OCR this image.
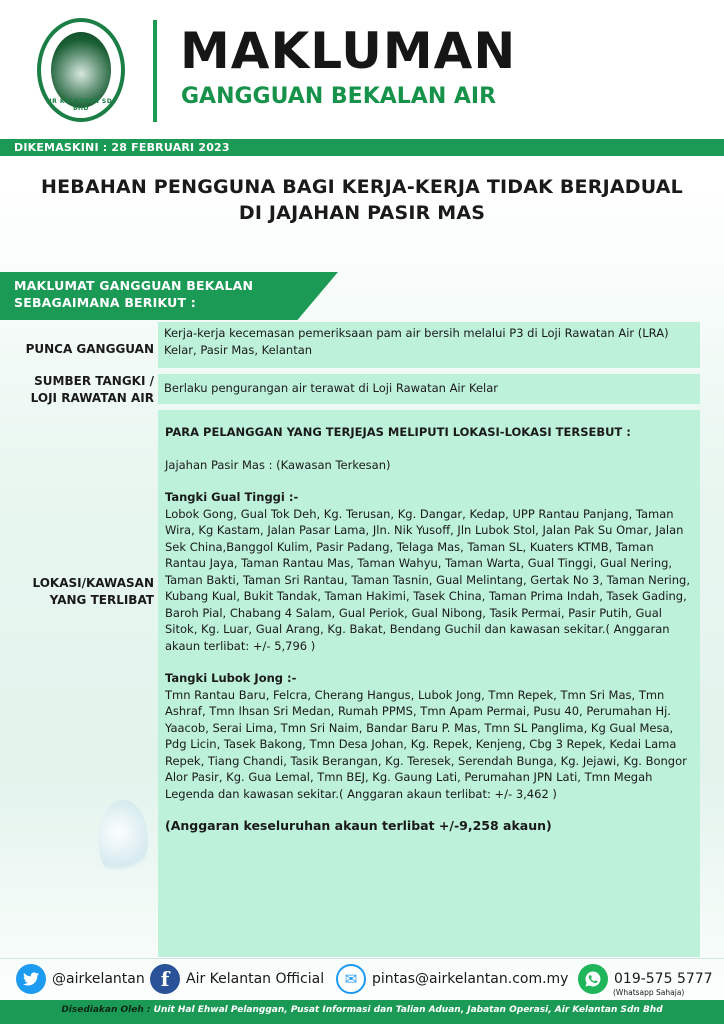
AIR KELANTAN SDN BHD
MAKLUMAN
GANGGUAN BEKALAN AIR
DIKEMASKINI : 28 FEBRUARI 2023
HEBAHAN PENGGUNA BAGI KERJA-KERJA TIDAK BERJADUAL
DI JAJAHAN PASIR MAS
MAKLUMAT GANGGUAN BEKALAN
SEBAGAIMANA BERIKUT :
PUNCA GANGGUAN
Kerja-kerja kecemasan pemeriksaan pam air bersih melalui P3 di Loji Rawatan Air (LRA) Kelar, Pasir Mas, Kelantan
SUMBER TANGKI /
LOJI RAWATAN AIR
Berlaku pengurangan air terawat di Loji Rawatan Air Kelar
LOKASI/KAWASAN
YANG TERLIBAT

PARA PELANGGAN YANG TERJEJAS MELIPUTI LOKASI-LOKASI TERSEBUT :

Jajahan Pasir Mas : (Kawasan Terkesan)

Tangki Gual Tinggi :-

Lobok Gong, Gual Tok Deh, Kg. Terusan, Kg. Dangar, Kedap, UPP Rantau Panjang, Taman Wira, Kg Kastam, Jalan Pasar Lama, Jln. Nik Yusoff, Jln Lubok Stol, Jalan Pak Su Omar, Jalan Sek China,Banggol Kulim, Pasir Padang, Telaga Mas, Taman SL, Kuaters KTMB, Taman Rantau Jaya, Taman Rantau Mas, Taman Wahyu, Taman Warta, Gual Tinggi, Gual Nering, Taman Bakti, Taman Sri Rantau, Taman Tasnin, Gual Melintang, Gertak No 3, Taman Nering, Kubang Kual, Bukit Tandak, Taman Hakimi, Tasek China, Taman Prima Indah, Tasek Gading, Baroh Pial, Chabang 4 Salam, Gual Periok, Gual Nibong, Tasik Permai, Pasir Putih, Gual Sitok, Kg. Luar, Gual Arang, Kg. Bakat, Bendang Guchil dan kawasan sekitar.( Anggaran akaun terlibat: +/- 5,796 )

Tangki Lubok Jong :-

Tmn Rantau Baru, Felcra, Cherang Hangus, Lubok Jong, Tmn Repek, Tmn Sri Mas, Tmn Ashraf, Tmn Ihsan Sri Medan, Rumah PPMS, Tmn Apam Permai, Pusu 40, Perumahan Hj. Yaacob, Serai Lima, Tmn Sri Naim, Bandar Baru P. Mas, Tmn SL Panglima, Kg Gual Mesa, Pdg Licin, Tasek Bakong, Tmn Desa Johan, Kg. Repek, Kenjeng, Cbg 3 Repek, Kedai Lama Repek, Tiang Chandi, Tasik Berangan, Kg. Teresek, Serendah Bunga, Kg. Jejawi, Kg. Bongor Alor Pasir, Kg. Gua Lemal, Tmn BEJ, Kg. Gaung Lati, Perumahan JPN Lati, Tmn Megah Legenda dan kawasan sekitar.( Anggaran akaun terlibat: +/- 3,462 )

(Anggaran keseluruhan akaun terlibat +/-9,258 akaun)

@airkelantan f	Air Kelantan Official	✉	pintas@airkelantan.com.my	019-575 5777
(Whatsapp Sahaja)
Disediakan Oleh : Unit Hal Ehwal Pelanggan, Pusat Informasi dan Talian Aduan, Jabatan Operasi, Air Kelantan Sdn Bhd
